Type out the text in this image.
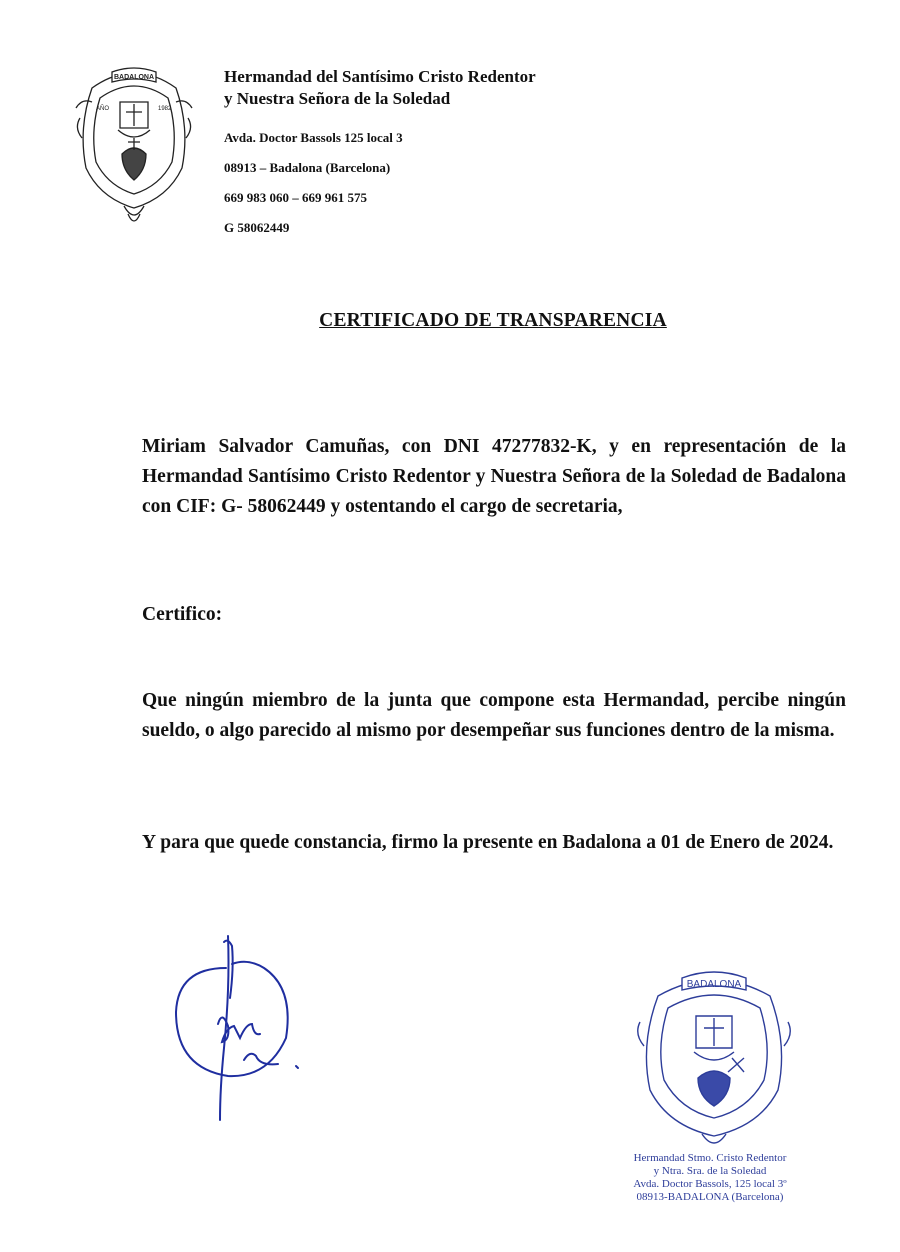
BADALONA
AÑO	1982
Hermandad del Santísimo Cristo Redentor
y Nuestra Señora de la Soledad
Avda. Doctor Bassols 125 local 3
08913 – Badalona (Barcelona)
669 983 060 – 669 961 575
G 58062449
CERTIFICADO DE TRANSPARENCIA
Miriam Salvador Camuñas, con DNI 47277832-K, y en representación de la Hermandad Santísimo Cristo Redentor y Nuestra Señora de la Soledad de Badalona con CIF: G- 58062449 y ostentando el cargo de secretaria,
Certifico:
Que ningún miembro de la junta que compone esta Hermandad, percibe ningún sueldo, o algo parecido al mismo por desempeñar sus funciones dentro de la misma.
Y para que quede constancia, firmo la presente en Badalona a 01 de Enero de 2024.
BADALONA
Hermandad Stmo. Cristo Redentor
y Ntra. Sra. de la Soledad
Avda. Doctor Bassols, 125 local 3º
08913-BADALONA (Barcelona)
